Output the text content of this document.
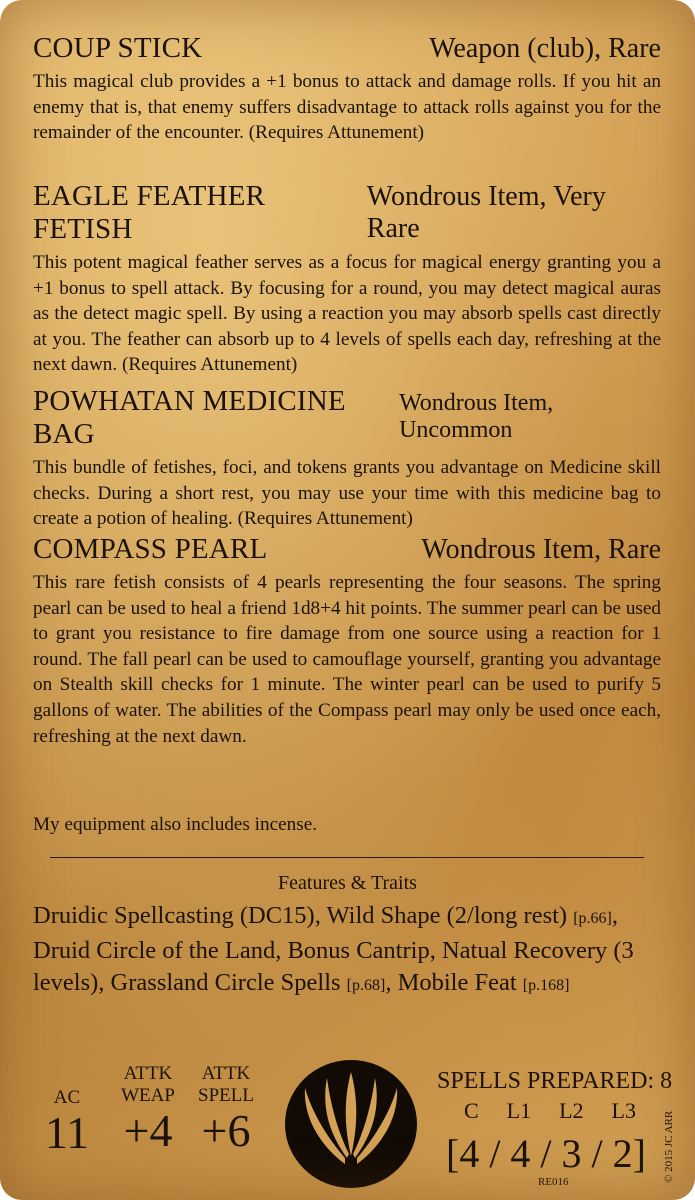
COUP STICK	Weapon (club), Rare

This magical club provides a +1 bonus to attack and damage rolls. If you hit an enemy that is, that enemy suffers disadvantage to attack rolls against you for the remainder of the encounter. (Requires Attunement)

EAGLE FEATHER FETISH
Wondrous Item, Very Rare

This potent magical feather serves as a focus for magical energy granting you a +1 bonus to spell attack. By focusing for a round, you may detect magical auras as the detect magic spell. By using a reaction you may absorb spells cast directly at you. The feather can absorb up to 4 levels of spells each day, refreshing at the next dawn. (Requires Attunement)

POWHATAN MEDICINE BAG
Wondrous Item, Uncommon

This bundle of fetishes, foci, and tokens grants you advantage on Medicine skill checks. During a short rest, you may use your time with this medicine bag to create a potion of healing. (Requires Attunement)

COMPASS PEARL	Wondrous Item, Rare

This rare fetish consists of 4 pearls representing the four seasons. The spring pearl can be used to heal a friend 1d8+4 hit points. The summer pearl can be used to grant you resistance to fire damage from one source using a reaction for 1 round. The fall pearl can be used to camouflage yourself, granting you advantage on Stealth skill checks for 1 minute. The winter pearl can be used to purify 5 gallons of water. The abilities of the Compass pearl may only be used once each, refreshing at the next dawn.

My equipment also includes incense.
Features & Traits
Druidic Spellcasting (DC15), Wild Shape (2/long rest) [p.66], Druid Circle of the Land, Bonus Cantrip, Natual Recovery (3 levels), Grassland Circle Spells [p.68], Mobile Feat [p.168]
AC
11
ATTK
WEAP
+4
ATTK
SPELL
+6
SPELLS PREPARED: 8
C L1 L2 L3
[4 / 4 / 3 / 2]
RE016	© 2015 JC ARR
